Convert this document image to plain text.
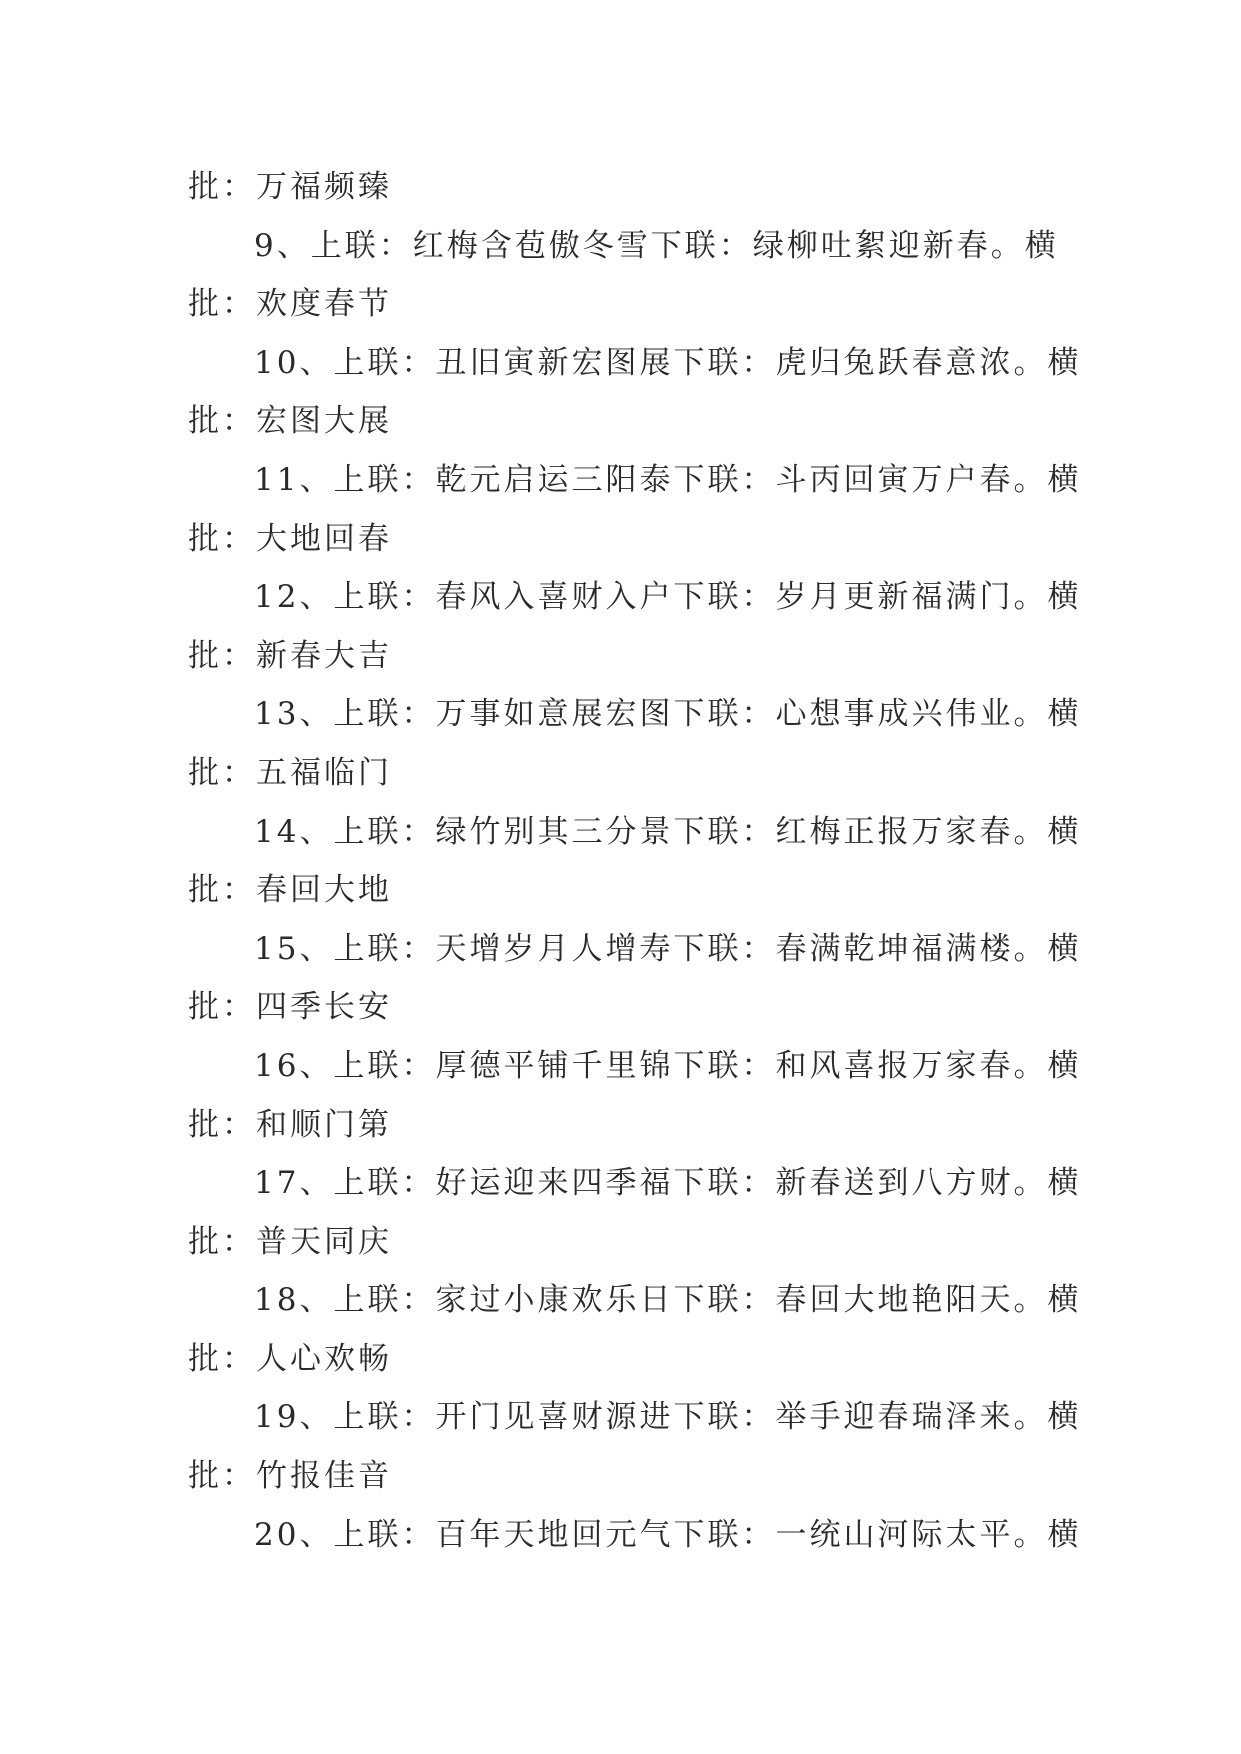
批：万福频臻

9、上联：红梅含苞傲冬雪下联：绿柳吐絮迎新春。横

批：欢度春节

10、上联：丑旧寅新宏图展下联：虎归兔跃春意浓。横

批：宏图大展

11、上联：乾元启运三阳泰下联：斗丙回寅万户春。横

批：大地回春

12、上联：春风入喜财入户下联：岁月更新福满门。横

批：新春大吉

13、上联：万事如意展宏图下联：心想事成兴伟业。横

批：五福临门

14、上联：绿竹别其三分景下联：红梅正报万家春。横

批：春回大地

15、上联：天增岁月人增寿下联：春满乾坤福满楼。横

批：四季长安

16、上联：厚德平铺千里锦下联：和风喜报万家春。横

批：和顺门第

17、上联：好运迎来四季福下联：新春送到八方财。横

批：普天同庆

18、上联：家过小康欢乐日下联：春回大地艳阳天。横

批：人心欢畅

19、上联：开门见喜财源进下联：举手迎春瑞泽来。横

批：竹报佳音

20、上联：百年天地回元气下联：一统山河际太平。横
